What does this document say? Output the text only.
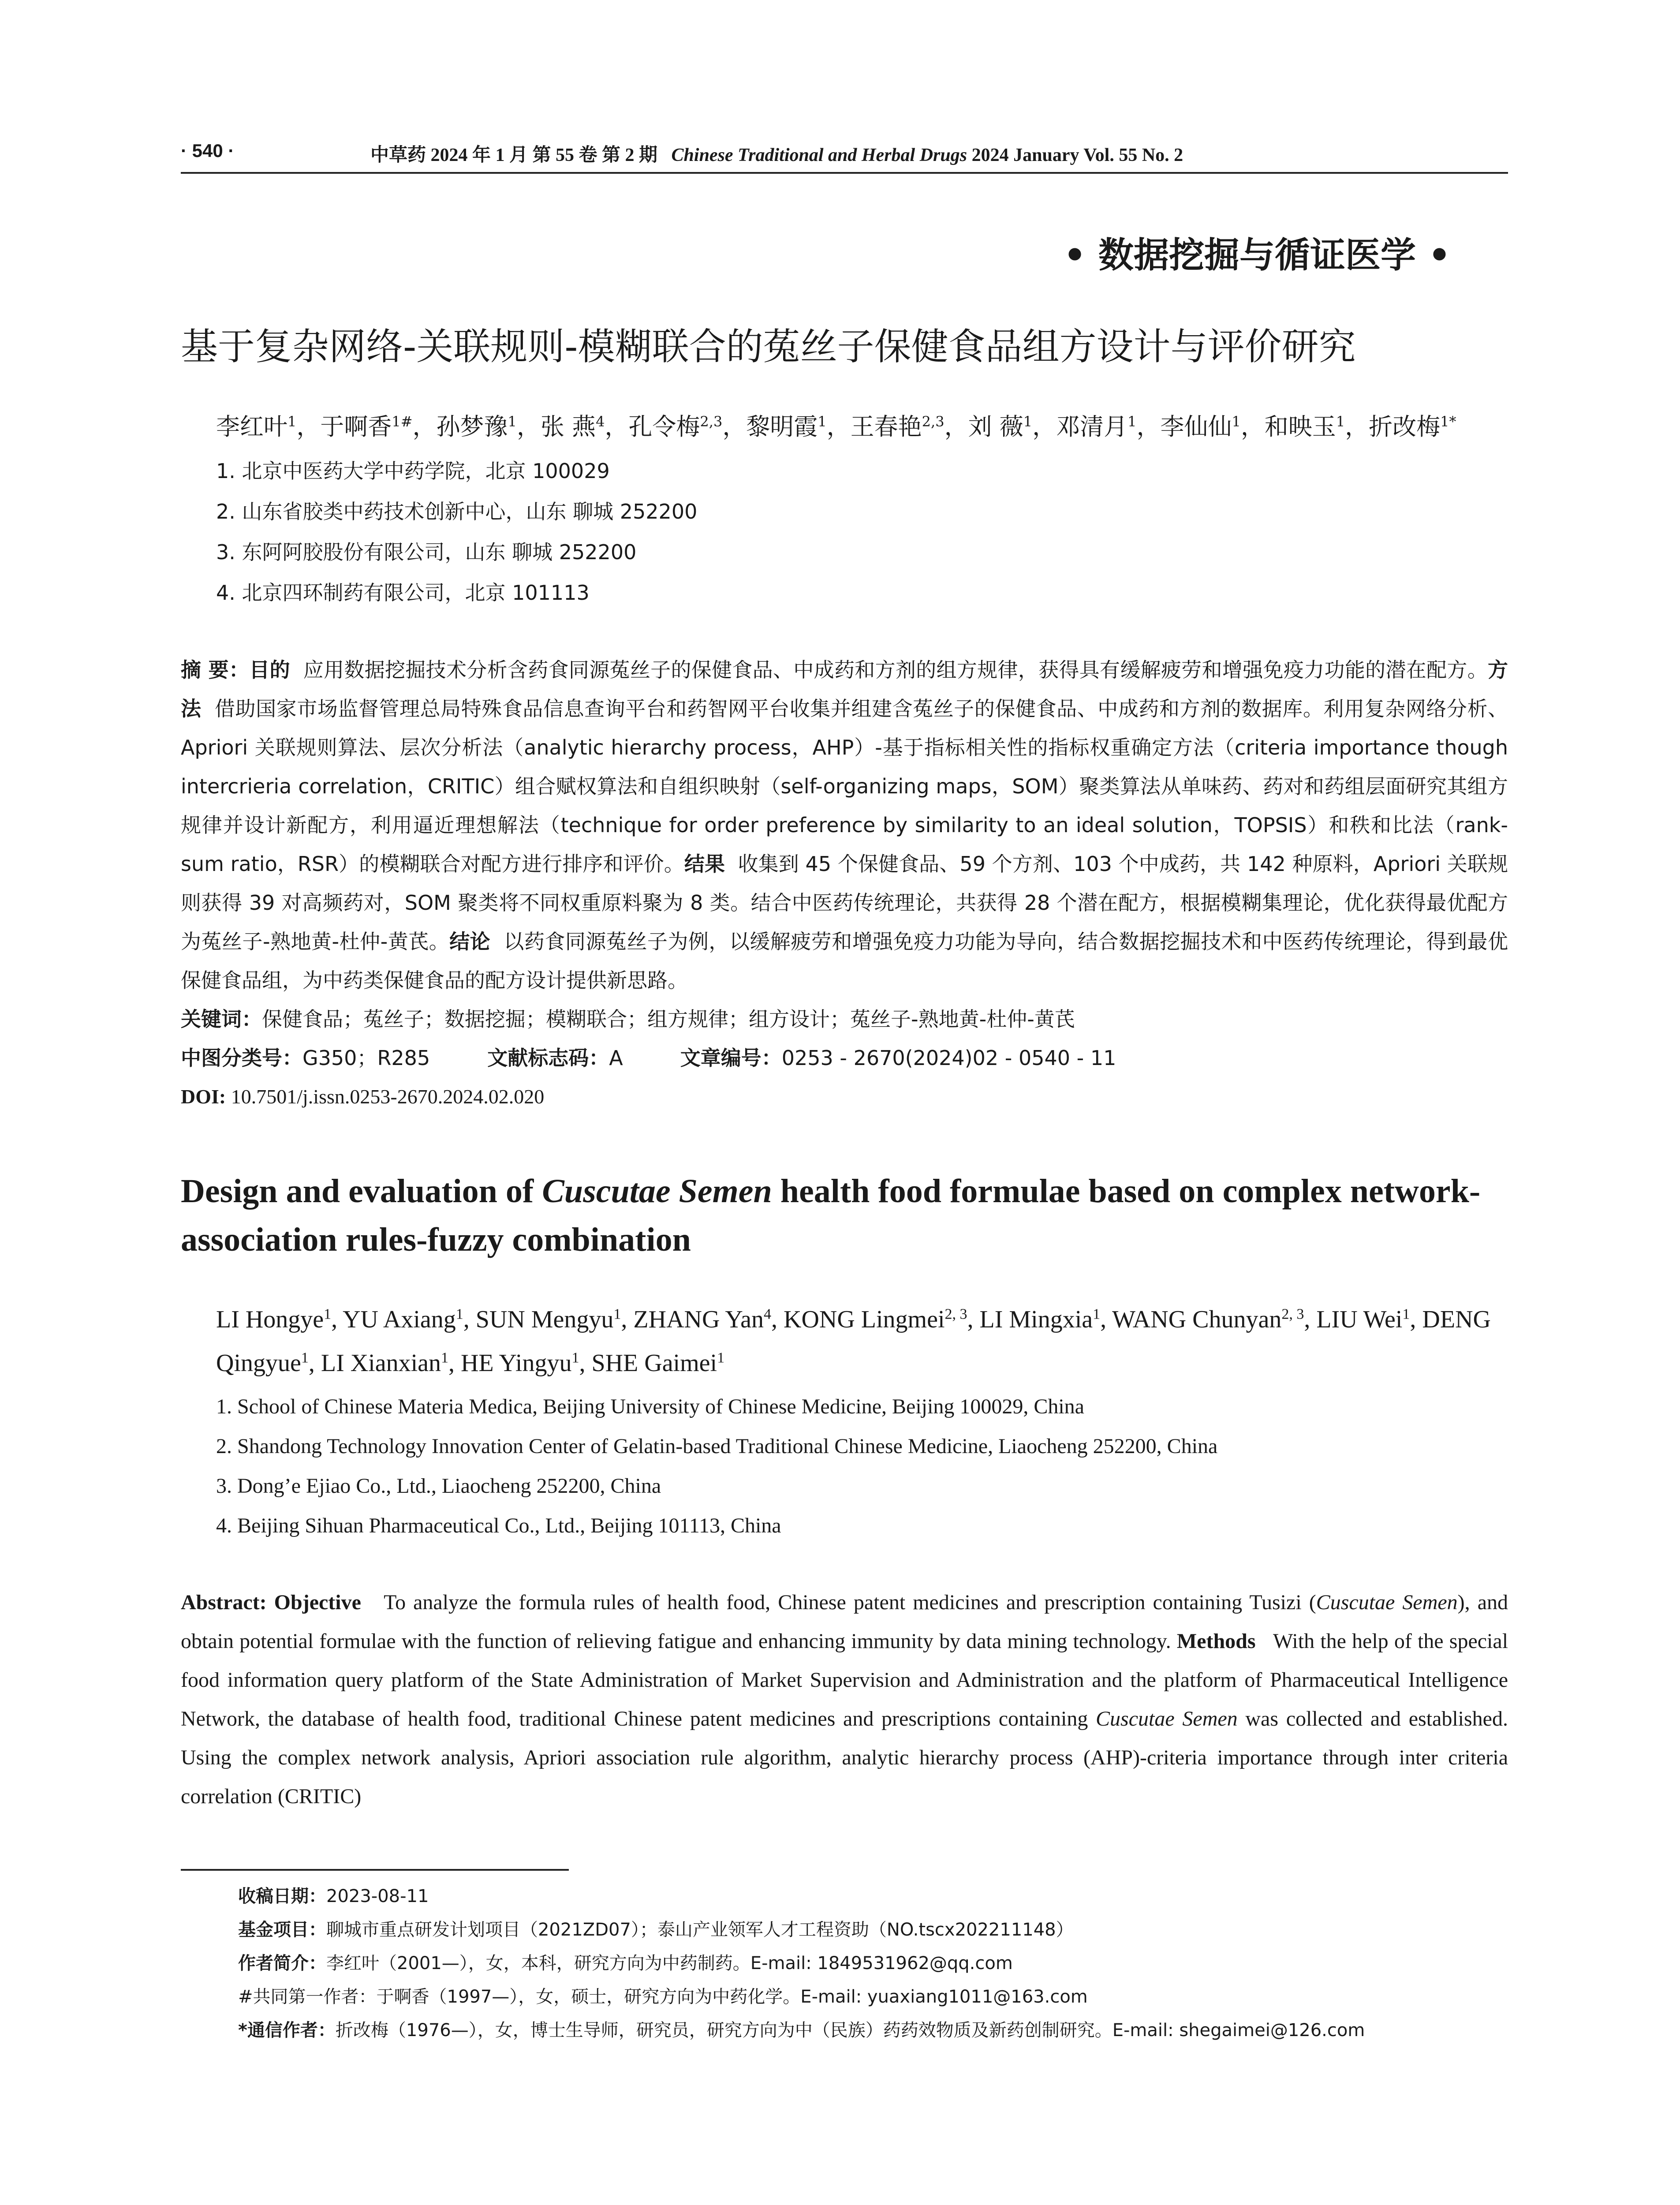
· 540 ·	中草药 2024 年 1 月 第 55 卷 第 2 期 Chinese Traditional and Herbal Drugs 2024 January Vol. 55 No. 2
• 数据挖掘与循证医学 •
基于复杂网络-关联规则-模糊联合的菟丝子保健食品组方设计与评价研究
李红叶$^1$，于啊香$^{1\#}$，孙梦豫$^1$，张 燕$^4$，孔令梅$^{2,3}$，黎明霞$^1$，王春艳$^{2,3}$，刘 薇$^1$，邓清月$^1$，李仙仙$^1$，和映玉$^1$，折改梅$^{1*}$
1. 北京中医药大学中药学院，北京 100029
2. 山东省胶类中药技术创新中心，山东 聊城 252200
3. 东阿阿胶股份有限公司，山东 聊城 252200
4. 北京四环制药有限公司，北京 101113
摘 要：目的 应用数据挖掘技术分析含药食同源菟丝子的保健食品、中成药和方剂的组方规律，获得具有缓解疲劳和增强免疫力功能的潜在配方。方法 借助国家市场监督管理总局特殊食品信息查询平台和药智网平台收集并组建含菟丝子的保健食品、中成药和方剂的数据库。利用复杂网络分析、Apriori 关联规则算法、层次分析法（analytic hierarchy process，AHP）-基于指标相关性的指标权重确定方法（criteria importance though intercrieria correlation，CRITIC）组合赋权算法和自组织映射（self-organizing maps，SOM）聚类算法从单味药、药对和药组层面研究其组方规律并设计新配方，利用逼近理想解法（technique for order preference by similarity to an ideal solution，TOPSIS）和秩和比法（rank-sum ratio，RSR）的模糊联合对配方进行排序和评价。结果 收集到 45 个保健食品、59 个方剂、103 个中成药，共 142 种原料，Apriori 关联规则获得 39 对高频药对，SOM 聚类将不同权重原料聚为 8 类。结合中医药传统理论，共获得 28 个潜在配方，根据模糊集理论，优化获得最优配方为菟丝子-熟地黄-杜仲-黄芪。结论 以药食同源菟丝子为例，以缓解疲劳和增强免疫力功能为导向，结合数据挖掘技术和中医药传统理论，得到最优保健食品组，为中药类保健食品的配方设计提供新思路。
关键词：保健食品；菟丝子；数据挖掘；模糊联合；组方规律；组方设计；菟丝子-熟地黄-杜仲-黄芪
中图分类号：G350；R285	文献标志码：A	文章编号：0253 - 2670(2024)02 - 0540 - 11
DOI: 10.7501/j.issn.0253-2670.2024.02.020
Design and evaluation of Cuscutae Semen health food formulae based on complex network-association rules-fuzzy combination
LI Hongye$^1$, YU Axiang$^1$, SUN Mengyu$^1$, ZHANG Yan$^4$, KONG Lingmei$^{2, 3}$, LI Mingxia$^1$, WANG Chunyan$^{2, 3}$, LIU Wei$^1$, DENG Qingyue$^1$, LI Xianxian$^1$, HE Yingyu$^1$, SHE Gaimei$^1$
1. School of Chinese Materia Medica, Beijing University of Chinese Medicine, Beijing 100029, China
2. Shandong Technology Innovation Center of Gelatin-based Traditional Chinese Medicine, Liaocheng 252200, China
3. Dong’e Ejiao Co., Ltd., Liaocheng 252200, China
4. Beijing Sihuan Pharmaceutical Co., Ltd., Beijing 101113, China
Abstract: Objective To analyze the formula rules of health food, Chinese patent medicines and prescription containing Tusizi (Cuscutae Semen), and obtain potential formulae with the function of relieving fatigue and enhancing immunity by data mining technology. Methods With the help of the special food information query platform of the State Administration of Market Supervision and Administration and the platform of Pharmaceutical Intelligence Network, the database of health food, traditional Chinese patent medicines and prescriptions containing Cuscutae Semen was collected and established. Using the complex network analysis, Apriori association rule algorithm, analytic hierarchy process (AHP)-criteria importance through inter criteria correlation (CRITIC)
收稿日期：2023-08-11
基金项目：聊城市重点研发计划项目（2021ZD07）；泰山产业领军人才工程资助（NO.tscx202211148）
作者简介：李红叶（2001—），女，本科，研究方向为中药制药。E-mail: 1849531962@qq.com
#共同第一作者：于啊香（1997—），女，硕士，研究方向为中药化学。E-mail: yuaxiang1011@163.com
*通信作者：折改梅（1976—），女，博士生导师，研究员，研究方向为中（民族）药药效物质及新药创制研究。E-mail: shegaimei@126.com
